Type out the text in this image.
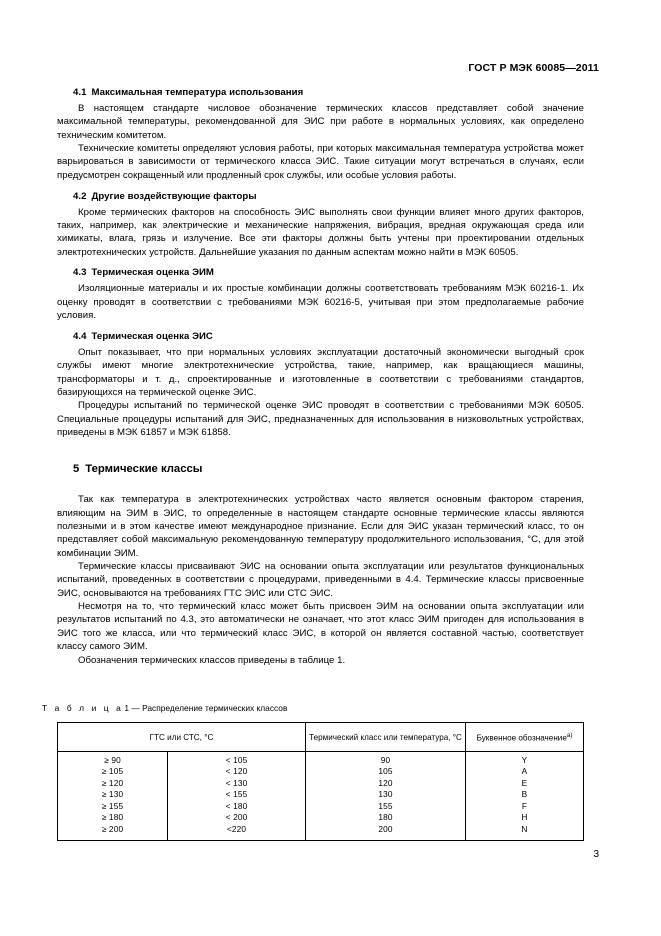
ГОСТ Р МЭК 60085—2011
4.1 Максимальная температура использования

В настоящем стандарте числовое обозначение термических классов представляет собой значение максимальной температуры, рекомендованной для ЭИС при работе в нормальных условиях, как определено техническим комитетом.

Технические комитеты определяют условия работы, при которых максимальная температура устройства может варьироваться в зависимости от термического класса ЭИС. Такие ситуации могут встречаться в случаях, если предусмотрен сокращенный или продленный срок службы, или особые условия работы.

4.2 Другие воздействующие факторы

Кроме термических факторов на способность ЭИС выполнять свои функции влияет много других факторов, таких, например, как электрические и механические напряжения, вибрация, вредная окружающая среда или химикаты, влага, грязь и излучение. Все эти факторы должны быть учтены при проектировании отдельных электротехнических устройств. Дальнейшие указания по данным аспектам можно найти в МЭК 60505.

4.3 Термическая оценка ЭИМ

Изоляционные материалы и их простые комбинации должны соответствовать требованиям МЭК 60216-1. Их оценку проводят в соответствии с требованиями МЭК 60216-5, учитывая при этом предполагаемые рабочие условия.

4.4 Термическая оценка ЭИС

Опыт показывает, что при нормальных условиях эксплуатации достаточный экономически выгодный срок службы имеют многие электротехнические устройства, такие, например, как вращающиеся машины, трансформаторы и т. д., спроектированные и изготовленные в соответствии с требованиями стандартов, базирующихся на термической оценке ЭИС.

Процедуры испытаний по термической оценке ЭИС проводят в соответствии с требованиями МЭК 60505. Специальные процедуры испытаний для ЭИС, предназначенных для использования в низковольтных устройствах, приведены в МЭК 61857 и МЭК 61858.

5 Термические классы

Так как температура в электротехнических устройствах часто является основным фактором старения, влияющим на ЭИМ в ЭИС, то определенные в настоящем стандарте основные термические классы являются полезными и в этом качестве имеют международное признание. Если для ЭИС указан термический класс, то он представляет собой максимальную рекомендованную температуру продолжительного использования, °С, для этой комбинации ЭИМ.

Термические классы присваивают ЭИС на основании опыта эксплуатации или результатов функциональных испытаний, проведенных в соответствии с процедурами, приведенными в 4.4. Термические классы присвоенные ЭИС, основываются на требованиях ГТС ЭИС или СТС ЭИС.

Несмотря на то, что термический класс может быть присвоен ЭИМ на основании опыта эксплуатации или результатов испытаний по 4.3, это автоматически не означает, что этот класс ЭИМ пригоден для использования в ЭИС того же класса, или что термический класс ЭИС, в которой он является составной частью, соответствует классу самого ЭИМ.

Обозначения термических классов приведены в таблице 1.

Т а б л и ц а1 — Распределение термических классов
ГТС или СТС, °С		Термический класс или температура, °С	Буквенное обозначение$^{a)}$

≥ 90	< 105	90	Y
≥ 105	< 120	105	A
≥ 120	< 130	120	E
≥ 130	< 155	130	B
≥ 155	< 180	155	F
≥ 180	< 200	180	H
≥ 200	<220	200	N
3
